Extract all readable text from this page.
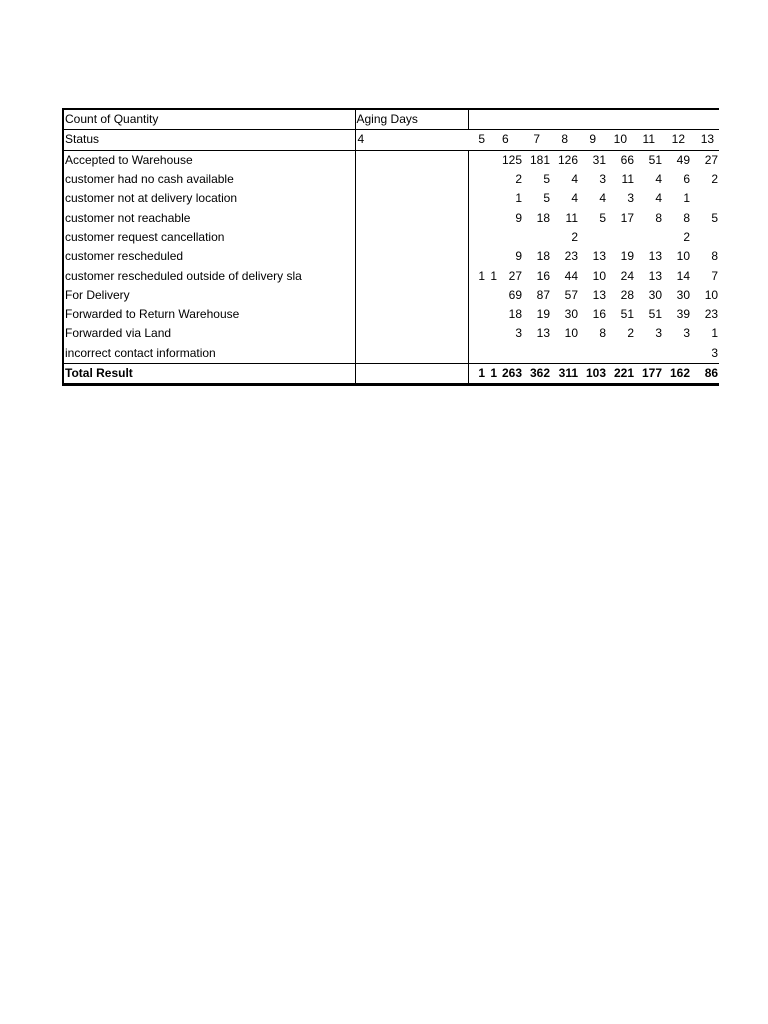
Count of Quantity	Aging Days										
Status	4	5		6	7	8	9	10	11	12	13
Accepted to Warehouse				125	181	126	31	66	51	49	27
customer had no cash available				2	5	4	3	11	4	6	2
customer not at delivery location				1	5	4	4	3	4	1	
customer not reachable				9	18	11	5	17	8	8	5
customer request cancellation						2				2	
customer rescheduled				9	18	23	13	19	13	10	8
customer rescheduled outside of delivery sla		1	1	27	16	44	10	24	13	14	7
For Delivery				69	87	57	13	28	30	30	10
Forwarded to Return Warehouse				18	19	30	16	51	51	39	23
Forwarded via Land				3	13	10	8	2	3	3	1
incorrect contact information											3
Total Result		1	1	263	362	311	103	221	177	162	86
